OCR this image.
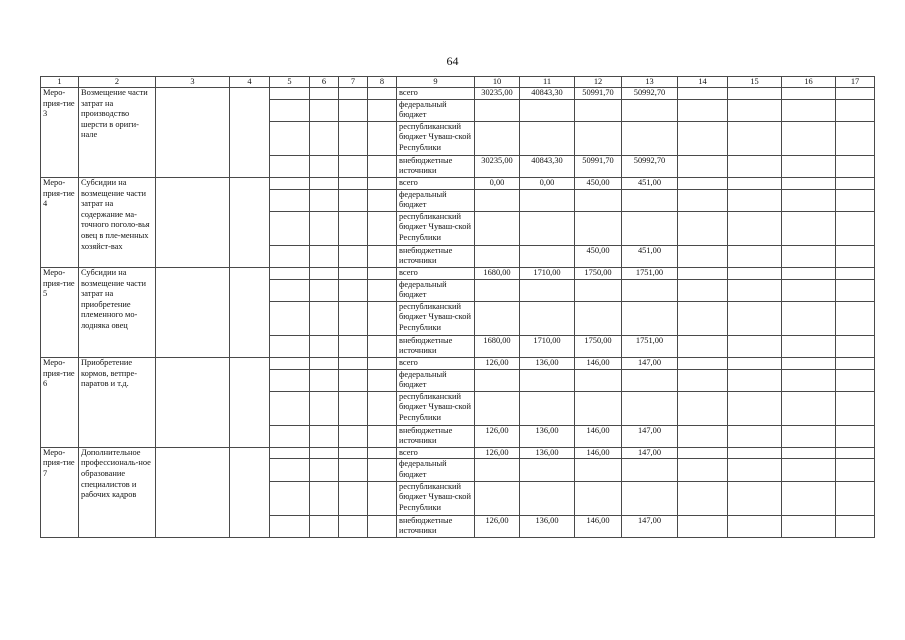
64
1	2	3	4	5	6	7	8	9	10	11	12	13	14	15	16	17
Меро-прия-тие 3	Возмещение части затрат на производство шерсти в ориги-нале							всего	30235,00	40843,30	50991,70	50992,70				
								федеральный бюджет								
								республиканский бюджет Чуваш-ской Республики								
								внебюджетные источники	30235,00	40843,30	50991,70	50992,70				
Меро-прия-тие 4	Субсидии на возмещение части затрат на содержание ма-точного поголо-вья овец в пле-менных хозяйст-вах							всего	0,00	0,00	450,00	451,00				
								федеральный бюджет								
								республиканский бюджет Чуваш-ской Республики								
								внебюджетные источники			450,00	451,00				
Меро-прия-тие 5	Субсидии на возмещение части затрат на приобретение племенного мо-лодняка овец							всего	1680,00	1710,00	1750,00	1751,00				
								федеральный бюджет								
								республиканский бюджет Чуваш-ской Республики								
								внебюджетные источники	1680,00	1710,00	1750,00	1751,00				
Меро-прия-тие 6	Приобретение кормов, ветпре-паратов и т.д.							всего	126,00	136,00	146,00	147,00				
								федеральный бюджет								
								республиканский бюджет Чуваш-ской Республики								
								внебюджетные источники	126,00	136,00	146,00	147,00				
Меро-прия-тие 7	Дополнительное профессиональ-ное образование специалистов и рабочих кадров							всего	126,00	136,00	146,00	147,00				
								федеральный бюджет								
								республиканский бюджет Чуваш-ской Республики								
								внебюджетные источники	126,00	136,00	146,00	147,00				
